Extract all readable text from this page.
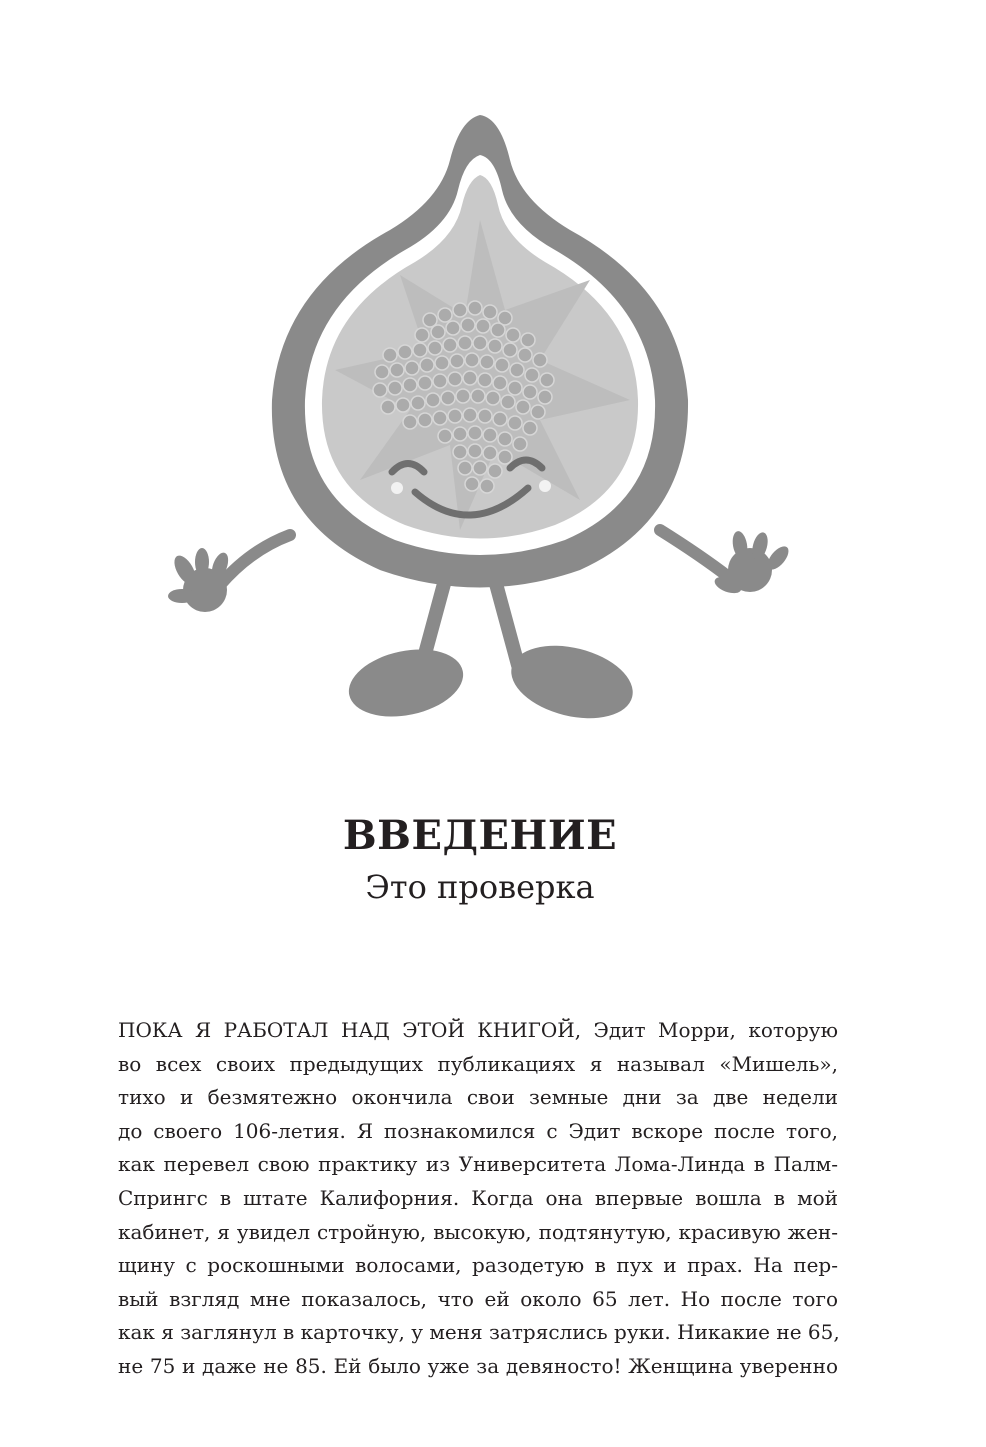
ВВЕДЕНИЕ
Это проверка
ПОКА Я РАБОТАЛ НАД ЭТОЙ КНИГОЙ, Эдит Морри, которую
во всех своих предыдущих публикациях я называл «Мишель»,
тихо и безмятежно окончила свои земные дни за две недели
до своего 106-летия. Я познакомился с Эдит вскоре после того,
как перевел свою практику из Университета Лома-Линда в Палм-
Спрингс в штате Калифорния. Когда она впервые вошла в мой
кабинет, я увидел стройную, высокую, подтянутую, красивую жен-
щину с роскошными волосами, разодетую в пух и прах. На пер-
вый взгляд мне показалось, что ей около 65 лет. Но после того
как я заглянул в карточку, у меня затряслись руки. Никакие не 65,
не 75 и даже не 85. Ей было уже за девяносто! Женщина уверенно
